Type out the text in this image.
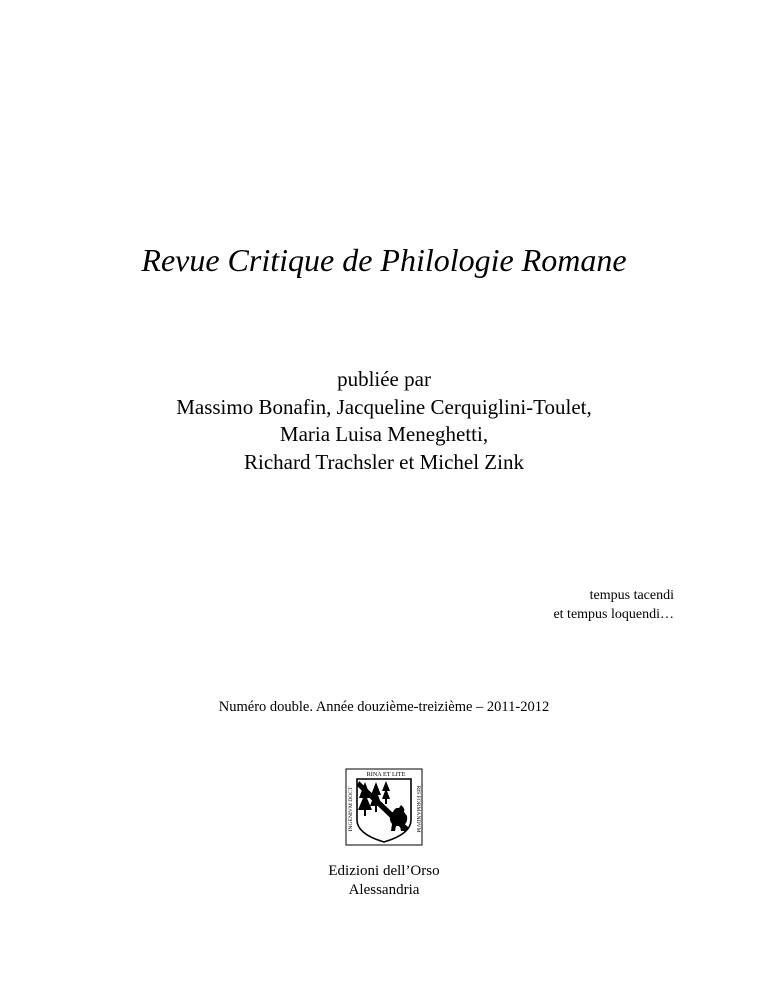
Revue Critique de Philologie Romane
publiée par
Massimo Bonafin, Jacqueline Cerquiglini-Toulet,
Maria Luisa Meneghetti,
Richard Trachsler et Michel Zink
tempus tacendi
et tempus loquendi…
Numéro double. Année douzième-treizième – 2011-2012
RINA ET LITE
INGENIVM DOCT	RIS FORMANDVM
Edizioni dell’Orso
Alessandria
